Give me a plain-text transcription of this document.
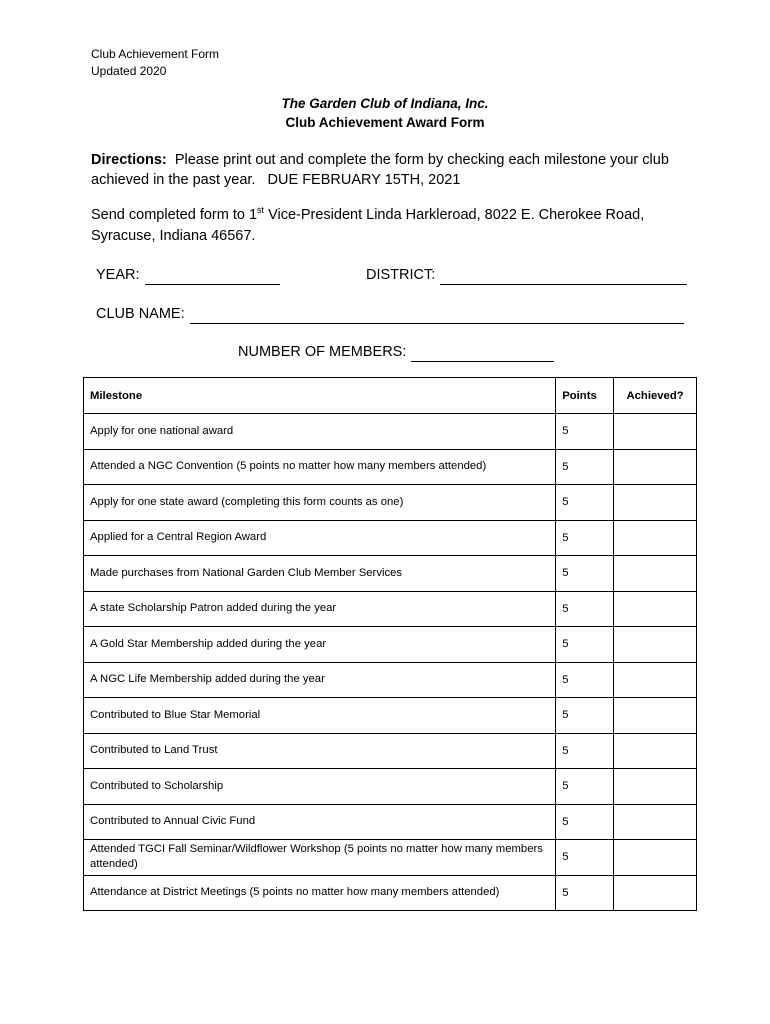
Club Achievement Form
Updated 2020
The Garden Club of Indiana, Inc.
Club Achievement Award Form
Directions: Please print out and complete the form by checking each milestone your club achieved in the past year. DUE FEBRUARY 15TH, 2021
Send completed form to 1st Vice-President Linda Harkleroad, 8022 E. Cherokee Road, Syracuse, Indiana 46567.
YEAR:	DISTRICT:
CLUB NAME:
NUMBER OF MEMBERS:
Milestone	Points	Achieved?
Apply for one national award	5	
Attended a NGC Convention (5 points no matter how many members attended)	5	
Apply for one state award (completing this form counts as one)	5	
Applied for a Central Region Award	5	
Made purchases from National Garden Club Member Services	5	
A state Scholarship Patron added during the year	5	
A Gold Star Membership added during the year	5	
A NGC Life Membership added during the year	5	
Contributed to Blue Star Memorial	5	
Contributed to Land Trust	5	
Contributed to Scholarship	5	
Contributed to Annual Civic Fund	5	
Attended TGCI Fall Seminar/Wildflower Workshop (5 points no matter how many members attended)	5	
Attendance at District Meetings (5 points no matter how many members attended)	5	
